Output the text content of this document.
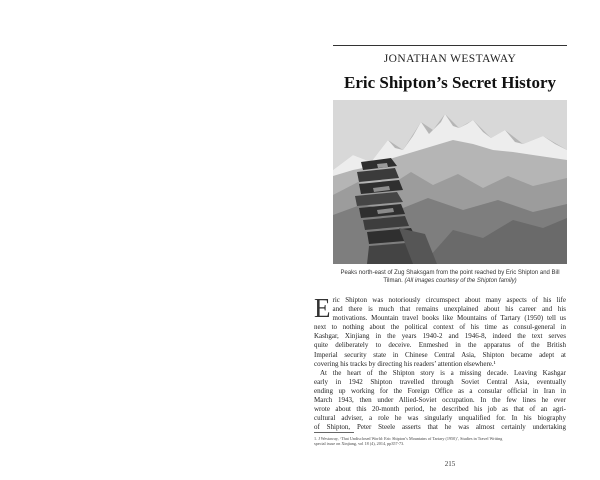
JONATHAN WESTAWAY
Eric Shipton’s Secret History
Peaks north-east of Zug Shaksgam from the point reached by Eric Shipton and Bill Tilman. (All images courtesy of the Shipton family)

E ric Shipton was notoriously circumspect about many aspects of his life
and there is much that remains unexplained about his career and his
motivations. Mountain travel books like Mountains of Tartary (1950) tell us
next to nothing about the political context of his time as consul-general in
Kashgar, Xinjiang in the years 1940-2 and 1946-8, indeed the text serves
quite deliberately to deceive. Enmeshed in the apparatus of the British
Imperial security state in Chinese Central Asia, Shipton became adept at
covering his tracks by directing his readers’ attention elsewhere.¹

At the heart of the Shipton story is a missing decade. Leaving Kashgar
early in 1942 Shipton travelled through Soviet Central Asia, eventually
ending up working for the Foreign Office as a consular official in Iran in
March 1943, then under Allied-Soviet occupation. In the few lines he ever
wrote about this 20-month period, he described his job as that of an agri-
cultural adviser, a role he was singularly unqualified for. In his biography
of Shipton, Peter Steele asserts that he was almost certainly undertaking

1. J Westaway, ‘That Undisclosed World: Eric Shipton’s Mountains of Tartary (1950)’, Studies in Travel Writing
special issue on Xinjiang, vol 18 (4), 2014, pp357-73.
215
